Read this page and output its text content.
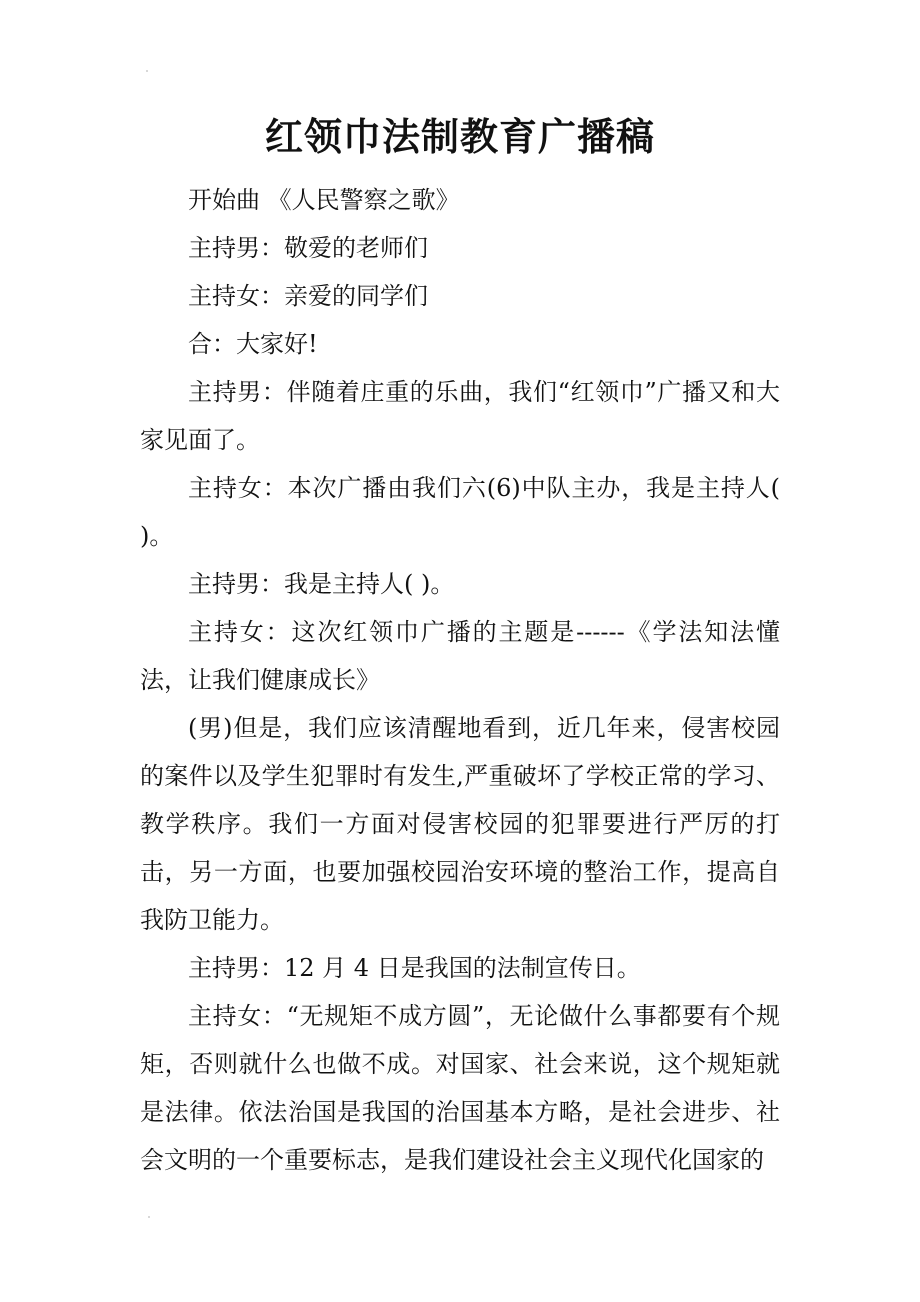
红领巾法制教育广播稿

开始曲 《人民警察之歌》

主持男：敬爱的老师们

主持女：亲爱的同学们

合：大家好!

主持男：伴随着庄重的乐曲，我们“红领巾”广播又和大家见面了。

主持女：本次广播由我们六(6)中队主办，我是主持人( )。

主持男：我是主持人( )。

主持女：这次红领巾广播的主题是------《学法知法懂法，让我们健康成长》

(男)但是，我们应该清醒地看到，近几年来，侵害校园的案件以及学生犯罪时有发生,严重破坏了学校正常的学习、教学秩序。我们一方面对侵害校园的犯罪要进行严厉的打击，另一方面，也要加强校园治安环境的整治工作，提高自我防卫能力。

主持男：12 月 4 日是我国的法制宣传日。

主持女：“无规矩不成方圆”，无论做什么事都要有个规矩，否则就什么也做不成。对国家、社会来说，这个规矩就是法律。依法治国是我国的治国基本方略，是社会进步、社会文明的一个重要标志，是我们建设社会主义现代化国家的
